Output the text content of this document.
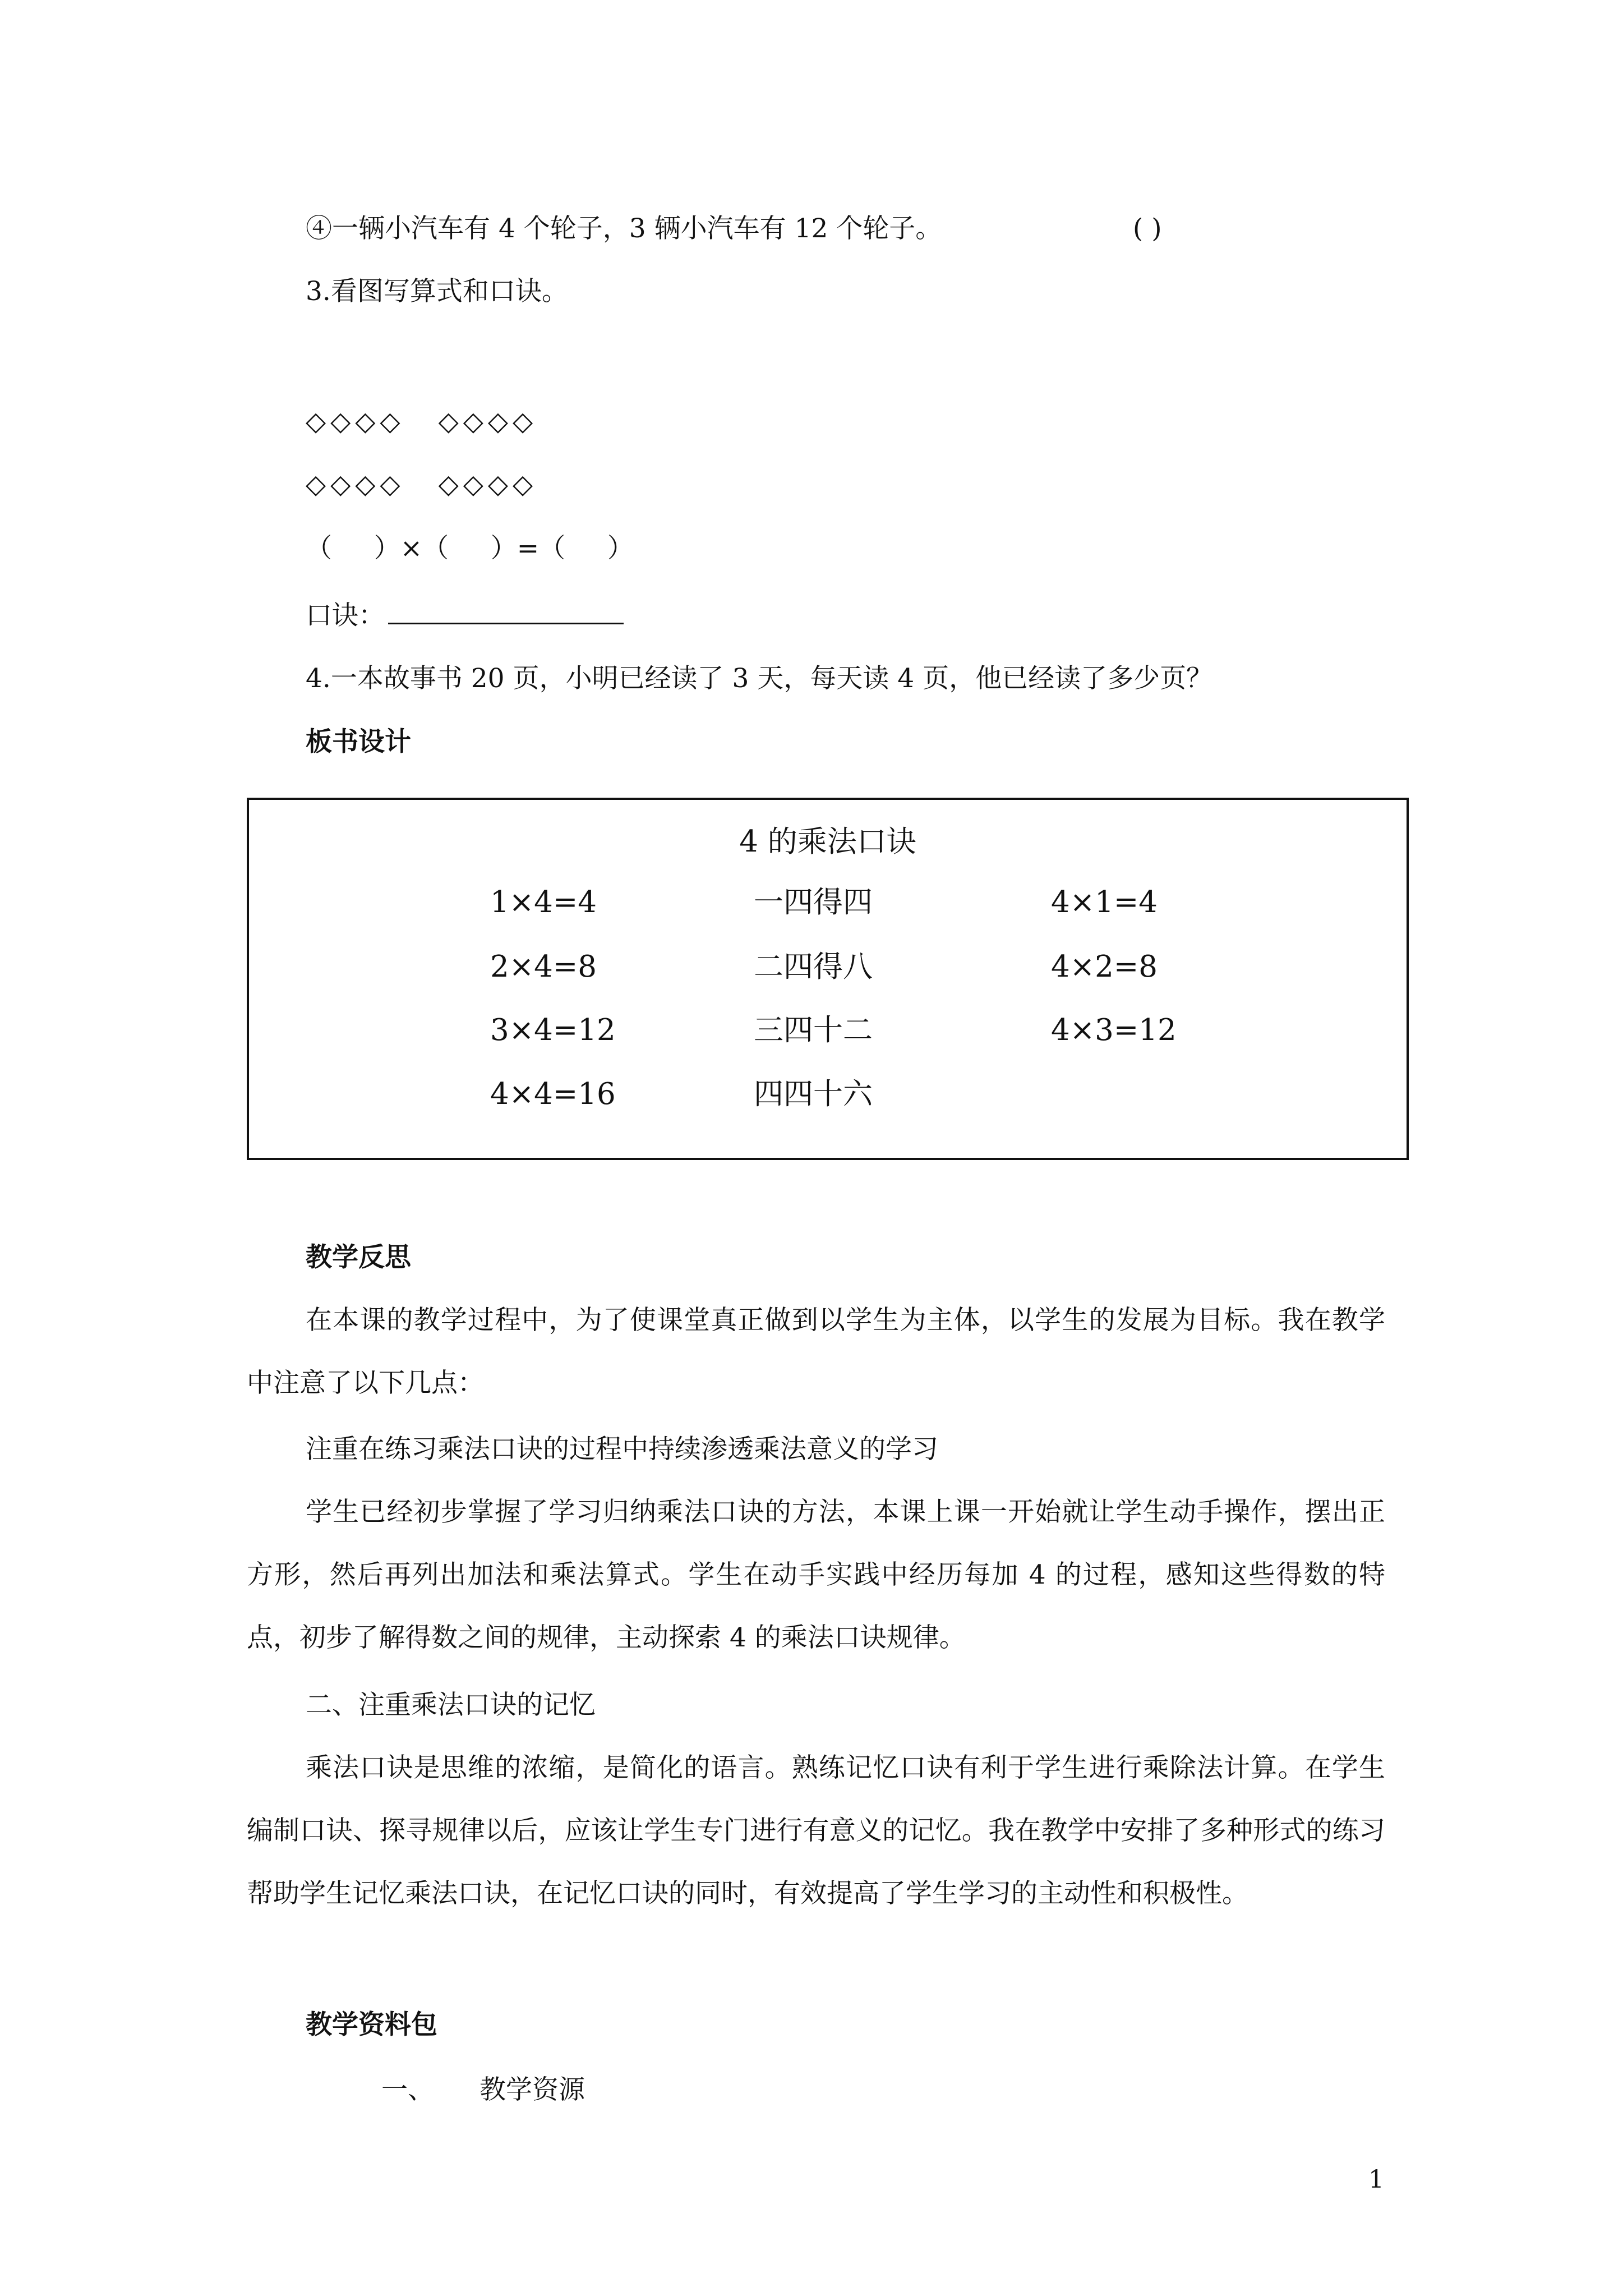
④一辆小汽车有 4 个轮子，3 辆小汽车有 12 个轮子。	( )
3.看图写算式和口诀。
◇◇◇◇ ◇◇◇◇
◇◇◇◇ ◇◇◇◇
（     ）×（     ）=（     ）
口诀：
4.一本故事书 20 页，小明已经读了 3 天，每天读 4 页，他已经读了多少页？
板书设计
4 的乘法口诀
1×4=4	一四得四	4×1=4
2×4=8	二四得八	4×2=8
3×4=12	三四十二	4×3=12
4×4=16	四四十六
教学反思
在本课的教学过程中，为了使课堂真正做到以学生为主体，以学生的发展为目标。我在教学中注意了以下几点：
注重在练习乘法口诀的过程中持续渗透乘法意义的学习
学生已经初步掌握了学习归纳乘法口诀的方法，本课上课一开始就让学生动手操作，摆出正方形，然后再列出加法和乘法算式。学生在动手实践中经历每加 4 的过程，感知这些得数的特点，初步了解得数之间的规律，主动探索 4 的乘法口诀规律。
二、注重乘法口诀的记忆
乘法口诀是思维的浓缩，是简化的语言。熟练记忆口诀有利于学生进行乘除法计算。在学生编制口诀、探寻规律以后，应该让学生专门进行有意义的记忆。我在教学中安排了多种形式的练习帮助学生记忆乘法口诀，在记忆口诀的同时，有效提高了学生学习的主动性和积极性。
教学资料包
一、 教学资源
1
